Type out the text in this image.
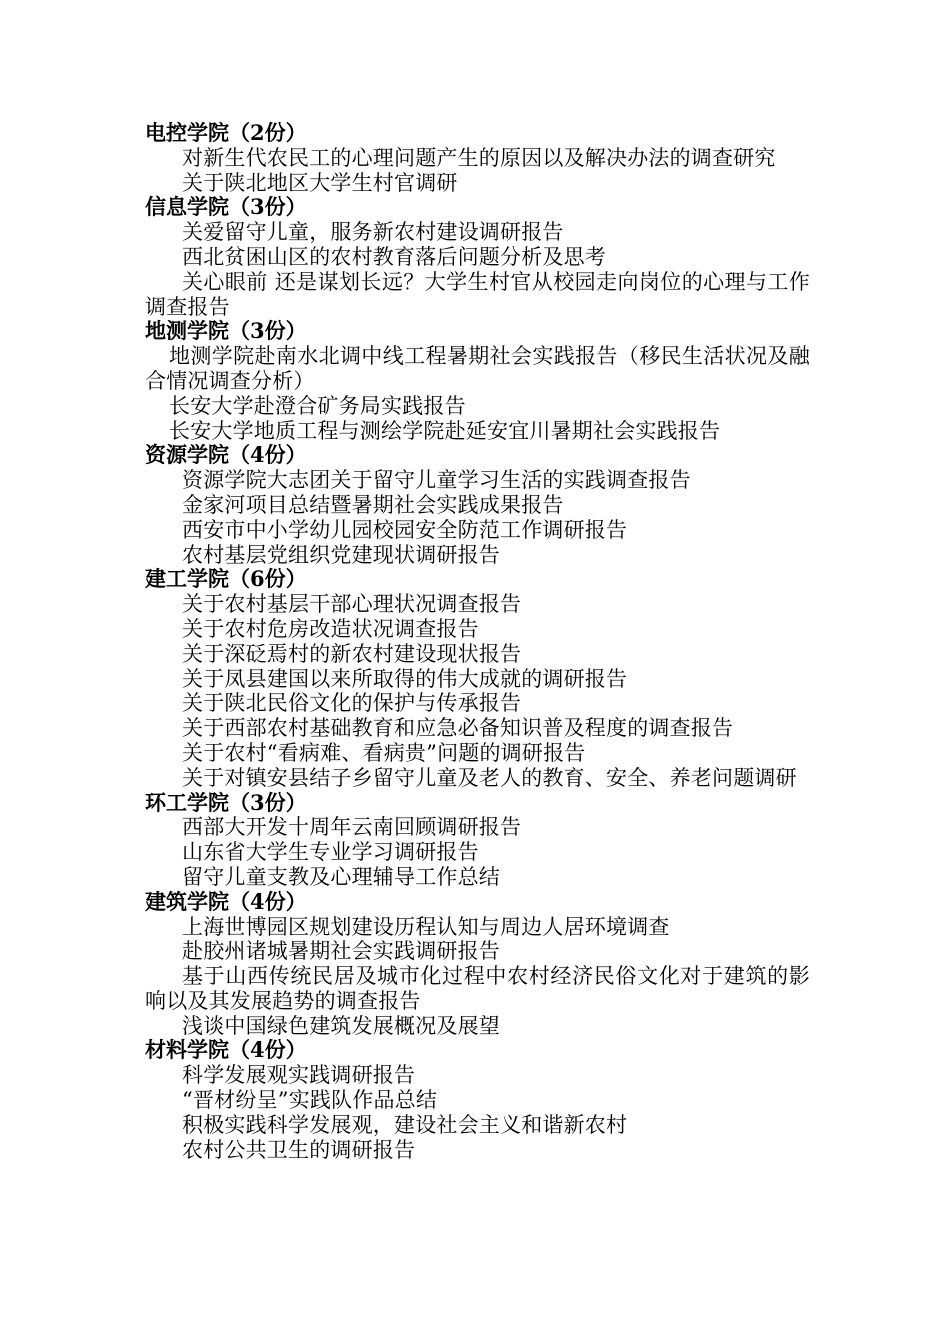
电控学院（2份）

对新生代农民工的心理问题产生的原因以及解决办法的调查研究

关于陕北地区大学生村官调研

信息学院（3份）

关爱留守儿童，服务新农村建设调研报告

西北贫困山区的农村教育落后问题分析及思考

关心眼前 还是谋划长远？大学生村官从校园走向岗位的心理与工作调查报告

地测学院（3份）

地测学院赴南水北调中线工程暑期社会实践报告（移民生活状况及融合情况调查分析）

长安大学赴澄合矿务局实践报告

长安大学地质工程与测绘学院赴延安宜川暑期社会实践报告

资源学院（4份）

资源学院大志团关于留守儿童学习生活的实践调查报告

金家河项目总结暨暑期社会实践成果报告

西安市中小学幼儿园校园安全防范工作调研报告

农村基层党组织党建现状调研报告

建工学院（6份）

关于农村基层干部心理状况调查报告

关于农村危房改造状况调查报告

关于深砭焉村的新农村建设现状报告

关于凤县建国以来所取得的伟大成就的调研报告

关于陕北民俗文化的保护与传承报告

关于西部农村基础教育和应急必备知识普及程度的调查报告

关于农村“看病难、看病贵”问题的调研报告

关于对镇安县结子乡留守儿童及老人的教育、安全、养老问题调研

环工学院（3份）

西部大开发十周年云南回顾调研报告

山东省大学生专业学习调研报告

留守儿童支教及心理辅导工作总结

建筑学院（4份）

上海世博园区规划建设历程认知与周边人居环境调查

赴胶州诸城暑期社会实践调研报告

基于山西传统民居及城市化过程中农村经济民俗文化对于建筑的影响以及其发展趋势的调查报告

浅谈中国绿色建筑发展概况及展望

材料学院（4份）

科学发展观实践调研报告

“晋材纷呈”实践队作品总结

积极实践科学发展观，建设社会主义和谐新农村

农村公共卫生的调研报告
